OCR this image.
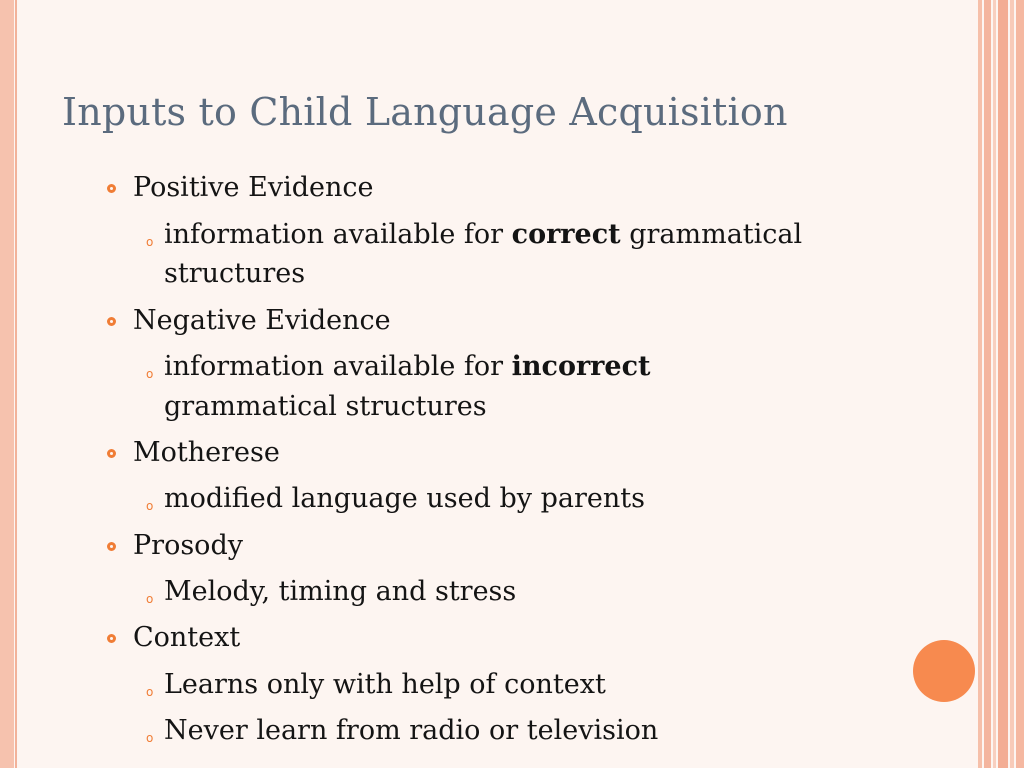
Inputs to Child Language Acquisition
Positive Evidence
o information available for correct grammatical
structures
Negative Evidence
o information available for incorrect
grammatical structures
Motherese
o modified language used by parents
Prosody
o Melody, timing and stress
Context
o Learns only with help of context
o Never learn from radio or television
